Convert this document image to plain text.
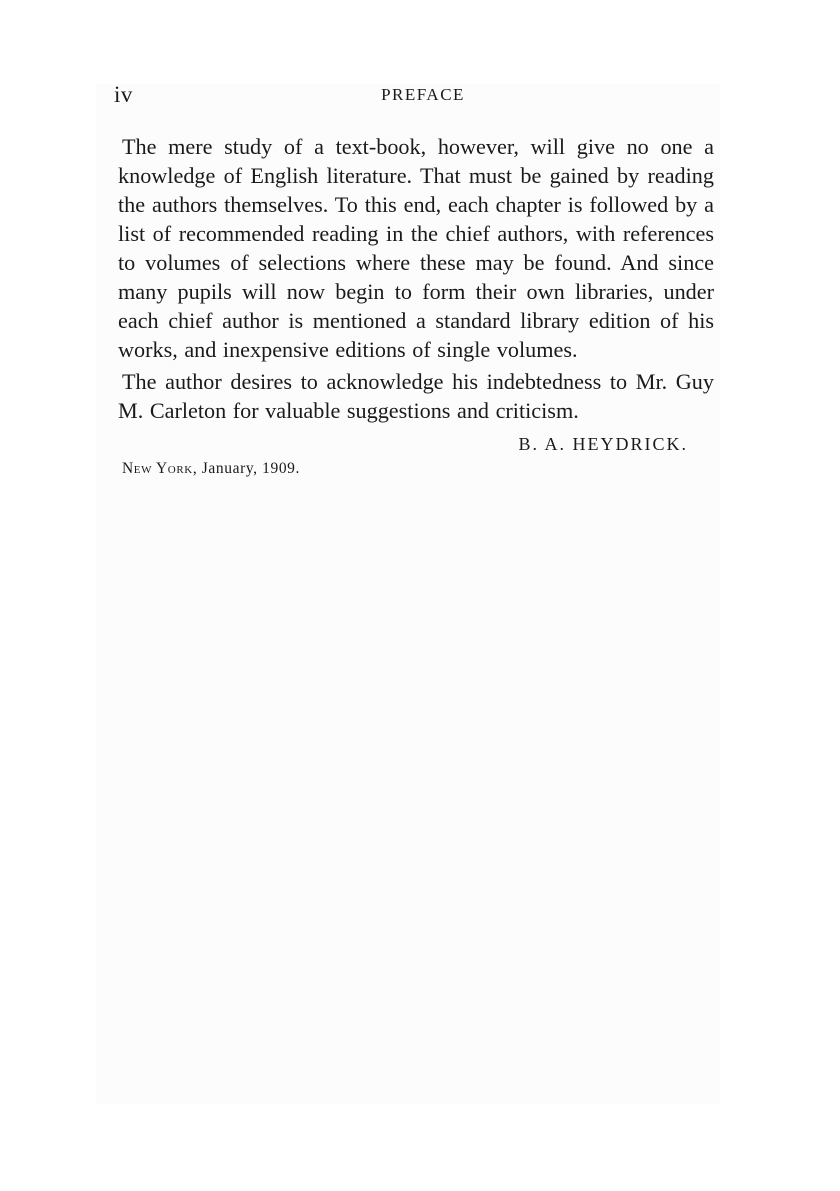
iv	PREFACE

The mere study of a text-book, however, will give no one a knowledge of English literature. That must be gained by reading the authors themselves. To this end, each chapter is followed by a list of recommended reading in the chief authors, with references to volumes of selections where these may be found. And since many pupils will now begin to form their own libraries, under each chief author is mentioned a standard library edition of his works, and inexpensive editions of single volumes.

The author desires to acknowledge his indebtedness to Mr. Guy M. Carleton for valuable suggestions and criticism.

B. A. HEYDRICK.
New York, January, 1909.
